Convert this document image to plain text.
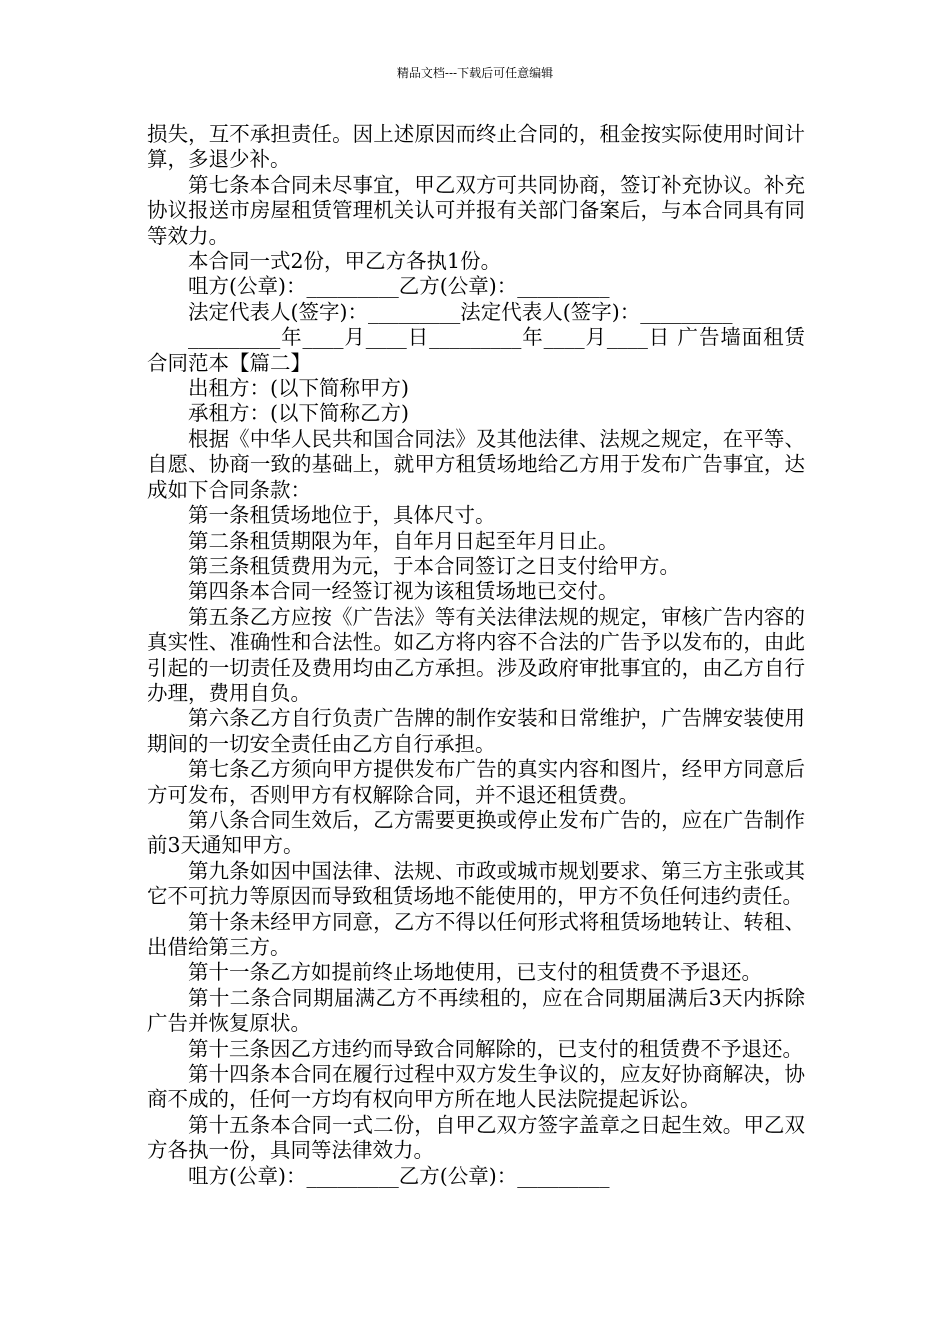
精品文档---下载后可任意编辑

损失，互不承担责任。因上述原因而终止合同的，租金按实际使用时间计算，多退少补。

第七条本合同未尽事宜，甲乙双方可共同协商，签订补充协议。补充协议报送市房屋租赁管理机关认可并报有关部门备案后，与本合同具有同等效力。

本合同一式2份，甲乙方各执1份。

咀方(公章)：_________乙方(公章)：_________

法定代表人(签字)：_________法定代表人(签字)：_________

_________年____月____日_________年____月____日 广告墙面租赁合同范本【篇二】

出租方：(以下简称甲方)

承租方：(以下简称乙方)

根据《中华人民共和国合同法》及其他法律、法规之规定，在平等、自愿、协商一致的基础上，就甲方租赁场地给乙方用于发布广告事宜，达成如下合同条款：

第一条租赁场地位于，具体尺寸。

第二条租赁期限为年，自年月日起至年月日止。

第三条租赁费用为元，于本合同签订之日支付给甲方。

第四条本合同一经签订视为该租赁场地已交付。

第五条乙方应按《广告法》等有关法律法规的规定，审核广告内容的真实性、准确性和合法性。如乙方将内容不合法的广告予以发布的，由此引起的一切责任及费用均由乙方承担。涉及政府审批事宜的，由乙方自行办理，费用自负。

第六条乙方自行负责广告牌的制作安装和日常维护，广告牌安装使用期间的一切安全责任由乙方自行承担。

第七条乙方须向甲方提供发布广告的真实内容和图片，经甲方同意后方可发布，否则甲方有权解除合同，并不退还租赁费。

第八条合同生效后，乙方需要更换或停止发布广告的，应在广告制作前3天通知甲方。

第九条如因中国法律、法规、市政或城市规划要求、第三方主张或其它不可抗力等原因而导致租赁场地不能使用的，甲方不负任何违约责任。

第十条未经甲方同意，乙方不得以任何形式将租赁场地转让、转租、出借给第三方。

第十一条乙方如提前终止场地使用，已支付的租赁费不予退还。

第十二条合同期届满乙方不再续租的，应在合同期届满后3天内拆除广告并恢复原状。

第十三条因乙方违约而导致合同解除的，已支付的租赁费不予退还。

第十四条本合同在履行过程中双方发生争议的，应友好协商解决，协商不成的，任何一方均有权向甲方所在地人民法院提起诉讼。

第十五条本合同一式二份，自甲乙双方签字盖章之日起生效。甲乙双方各执一份，具同等法律效力。

咀方(公章)：_________乙方(公章)：_________
